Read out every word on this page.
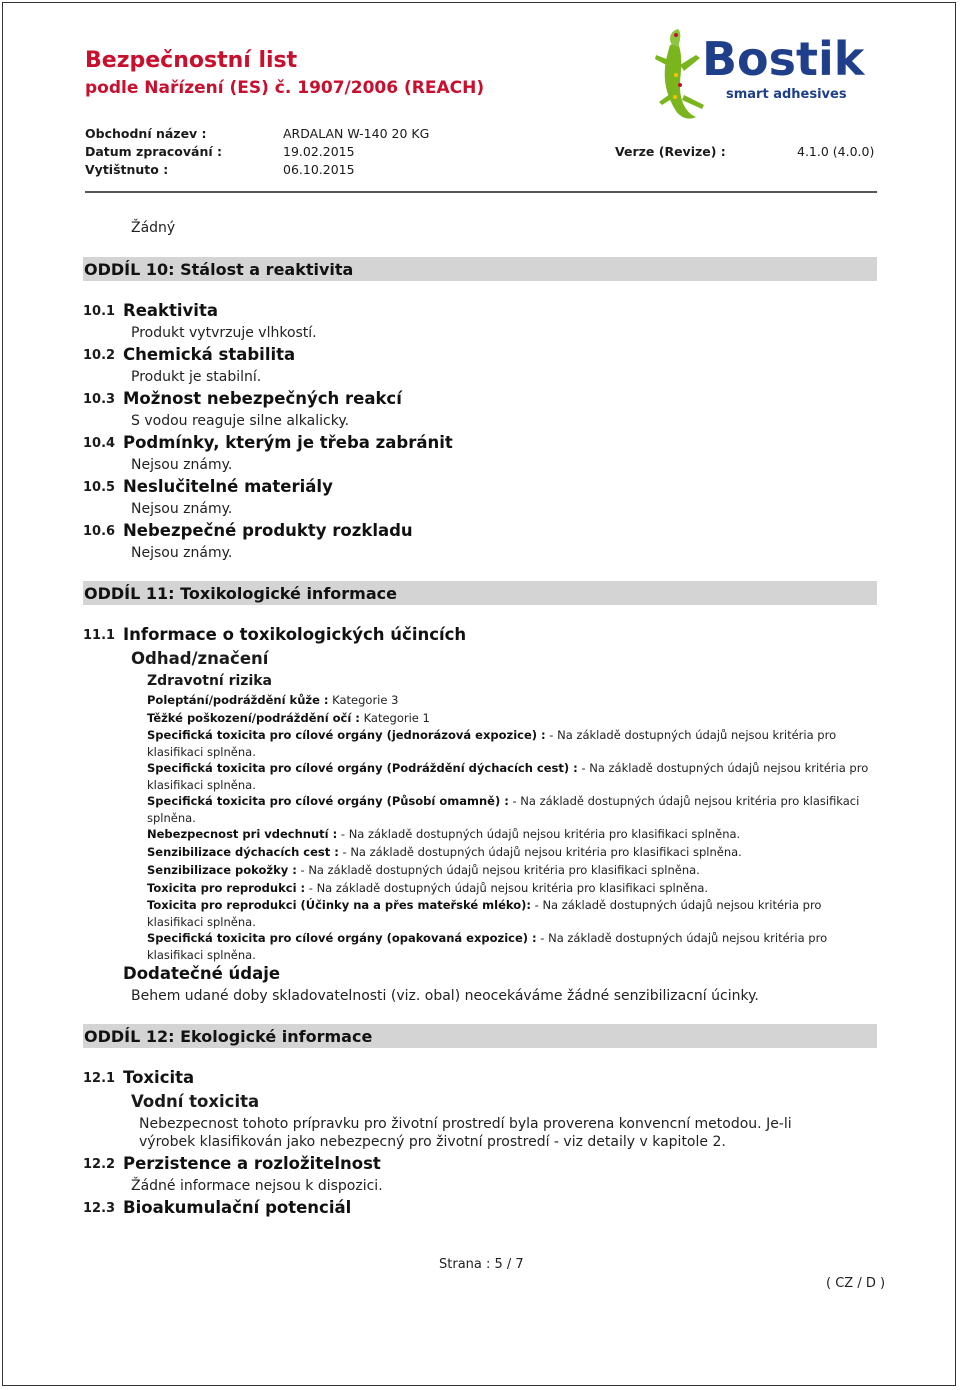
Bezpečnostní list
podle Nařízení (ES) č. 1907/2006 (REACH)
Bostik
smart adhesives
Obchodní název :	ARDALAN W-140 20 KG
Datum zpracování :	19.02.2015	Verze (Revize) :	4.1.0 (4.0.0)
Vytištnuto :	06.10.2015
Žádný
ODDÍL 10: Stálost a reaktivita
10.1 Reaktivita
Produkt vytvrzuje vlhkostí.
10.2 Chemická stabilita
Produkt je stabilní.
10.3 Možnost nebezpečných reakcí
S vodou reaguje silne alkalicky.
10.4 Podmínky, kterým je třeba zabránit
Nejsou známy.
10.5 Neslučitelné materiály
Nejsou známy.
10.6 Nebezpečné produkty rozkladu
Nejsou známy.
ODDÍL 11: Toxikologické informace
11.1 Informace o toxikologických účincích
Odhad/značení
Zdravotní rizika
Poleptání/podráždění kůže : Kategorie 3
Těžké poškození/podráždění očí : Kategorie 1
Specifická toxicita pro cílové orgány (jednorázová expozice) : - Na základě dostupných údajů nejsou kritéria pro klasifikaci splněna.
Specifická toxicita pro cílové orgány (Podráždění dýchacích cest) : - Na základě dostupných údajů nejsou kritéria pro klasifikaci splněna.
Specifická toxicita pro cílové orgány (Působí omamně) : - Na základě dostupných údajů nejsou kritéria pro klasifikaci splněna.
Nebezpecnost pri vdechnutí : - Na základě dostupných údajů nejsou kritéria pro klasifikaci splněna.
Senzibilizace dýchacích cest : - Na základě dostupných údajů nejsou kritéria pro klasifikaci splněna.
Senzibilizace pokožky : - Na základě dostupných údajů nejsou kritéria pro klasifikaci splněna.
Toxicita pro reprodukci : - Na základě dostupných údajů nejsou kritéria pro klasifikaci splněna.
Toxicita pro reprodukci (Účinky na a přes mateřské mléko): - Na základě dostupných údajů nejsou kritéria pro klasifikaci splněna.
Specifická toxicita pro cílové orgány (opakovaná expozice) : - Na základě dostupných údajů nejsou kritéria pro klasifikaci splněna.
Dodatečné údaje
Behem udané doby skladovatelnosti (viz. obal) neocekáváme žádné senzibilizacní úcinky.
ODDÍL 12: Ekologické informace
12.1 Toxicita
Vodní toxicita
Nebezpecnost tohoto prípravku pro životní prostredí byla proverena konvencní metodou. Je-li
výrobek klasifikován jako nebezpecný pro životní prostredí - viz detaily v kapitole 2.
12.2 Perzistence a rozložitelnost
Žádné informace nejsou k dispozici.
12.3 Bioakumulační potenciál
Strana : 5 / 7
( CZ / D )
